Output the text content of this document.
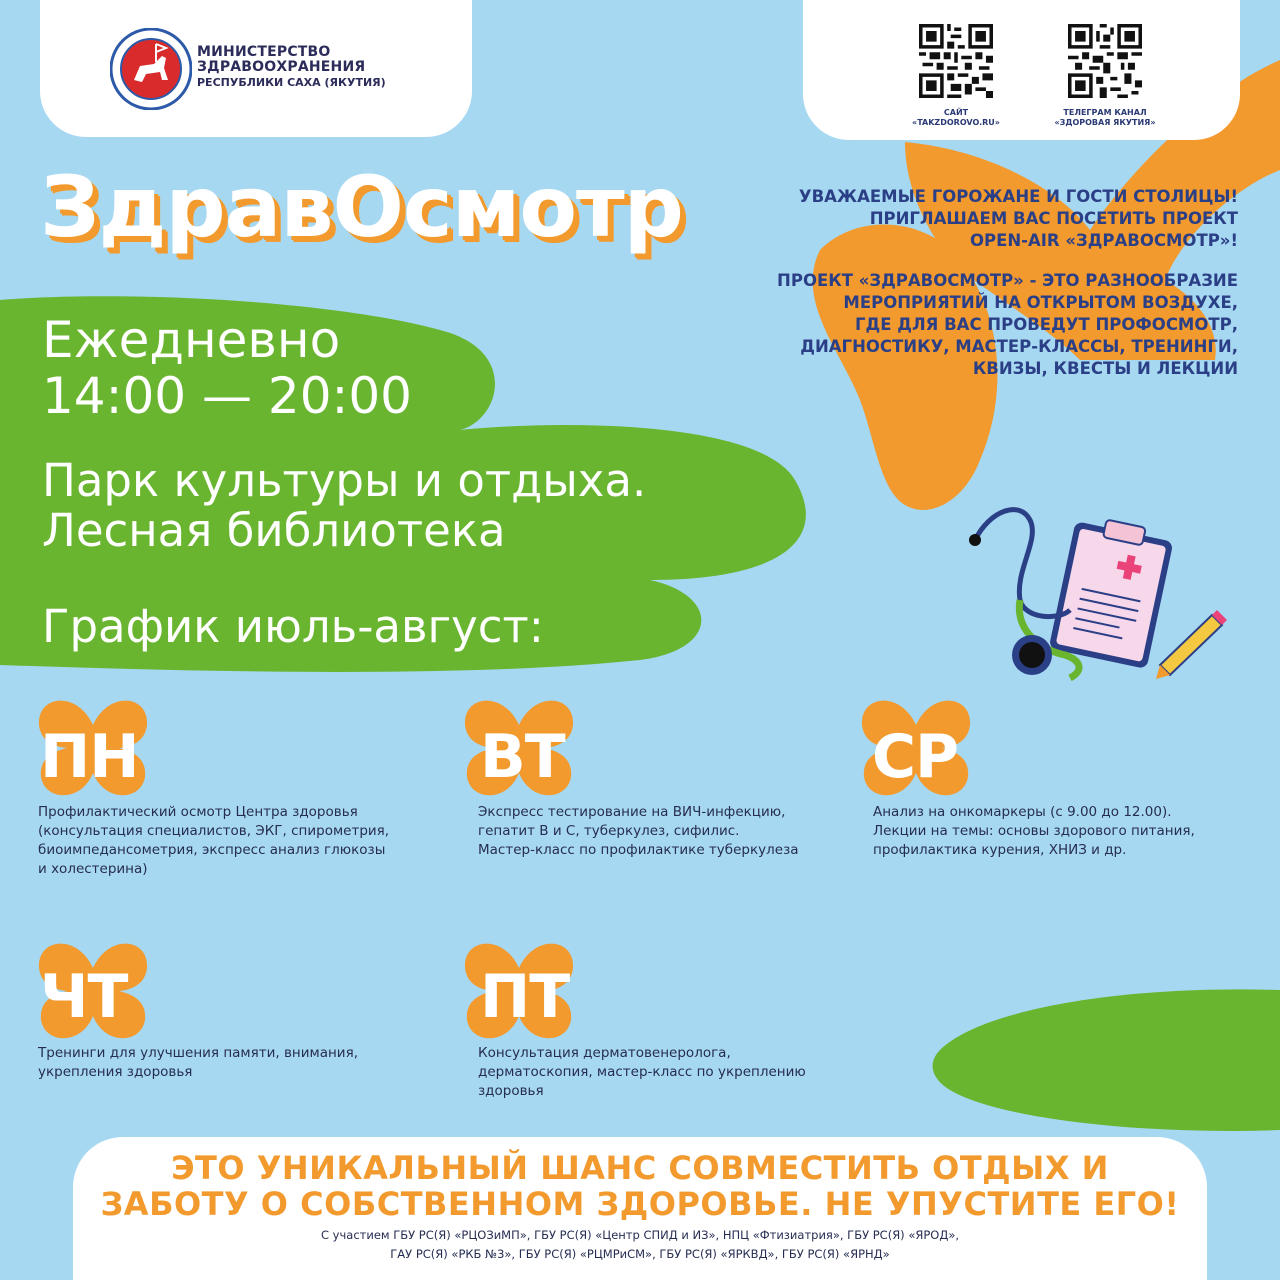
МИНИСТЕРСТВО
ЗДРАВООХРАНЕНИЯ
РЕСПУБЛИКИ САХА (ЯКУТИЯ)
САЙТ
«TAKZDOROVO.RU»
ТЕЛЕГРАМ КАНАЛ
«ЗДОРОВАЯ ЯКУТИЯ»
ЗдравОсмотр	УВАЖАЕМЫЕ ГОРОЖАНЕ И ГОСТИ СТОЛИЦЫ!
ПРИГЛАШАЕМ ВАС ПОСЕТИТЬ ПРОЕКТ
OPEN-AIR «ЗДРАВОСМОТР»!

ПРОЕКТ «ЗДРАВОСМОТР» - ЭТО РАЗНООБРАЗИЕ
МЕРОПРИЯТИЙ НА ОТКРЫТОМ ВОЗДУХЕ,
ГДЕ ДЛЯ ВАС ПРОВЕДУТ ПРОФОСМОТР,
ДИАГНОСТИКУ, МАСТЕР-КЛАССЫ, ТРЕНИНГИ,
КВИЗЫ, КВЕСТЫ И ЛЕКЦИИ

Ежедневно
14:00 — 20:00
Парк культуры и отдыха.
Лесная библиотека
График июль-август:
ПН	ВТ	СР
ЧТ	ПТ
Профилактический осмотр Центра здоровья
(консультация специалистов, ЭКГ, спирометрия,
биоимпедансометрия, экспресс анализ глюкозы
и холестерина)
Экспресс тестирование на ВИЧ-инфекцию,
гепатит В и С, туберкулез, сифилис.
Мастер-класс по профилактике туберкулеза
Анализ на онкомаркеры (с 9.00 до 12.00).
Лекции на темы: основы здорового питания,
профилактика курения, ХНИЗ и др.
Тренинги для улучшения памяти, внимания,
укрепления здоровья
Консультация дерматовенеролога,
дерматоскопия, мастер-класс по укреплению
здоровья
ЭТО УНИКАЛЬНЫЙ ШАНС СОВМЕСТИТЬ ОТДЫХ И
ЗАБОТУ О СОБСТВЕННОМ ЗДОРОВЬЕ. НЕ УПУСТИТЕ ЕГО!
С участием ГБУ РС(Я) «РЦОЗиМП», ГБУ РС(Я) «Центр СПИД и ИЗ», НПЦ «Фтизиатрия», ГБУ РС(Я) «ЯРОД»,
ГАУ РС(Я) «РКБ №3», ГБУ РС(Я) «РЦМРиСМ», ГБУ РС(Я) «ЯРКВД», ГБУ РС(Я) «ЯРНД»
